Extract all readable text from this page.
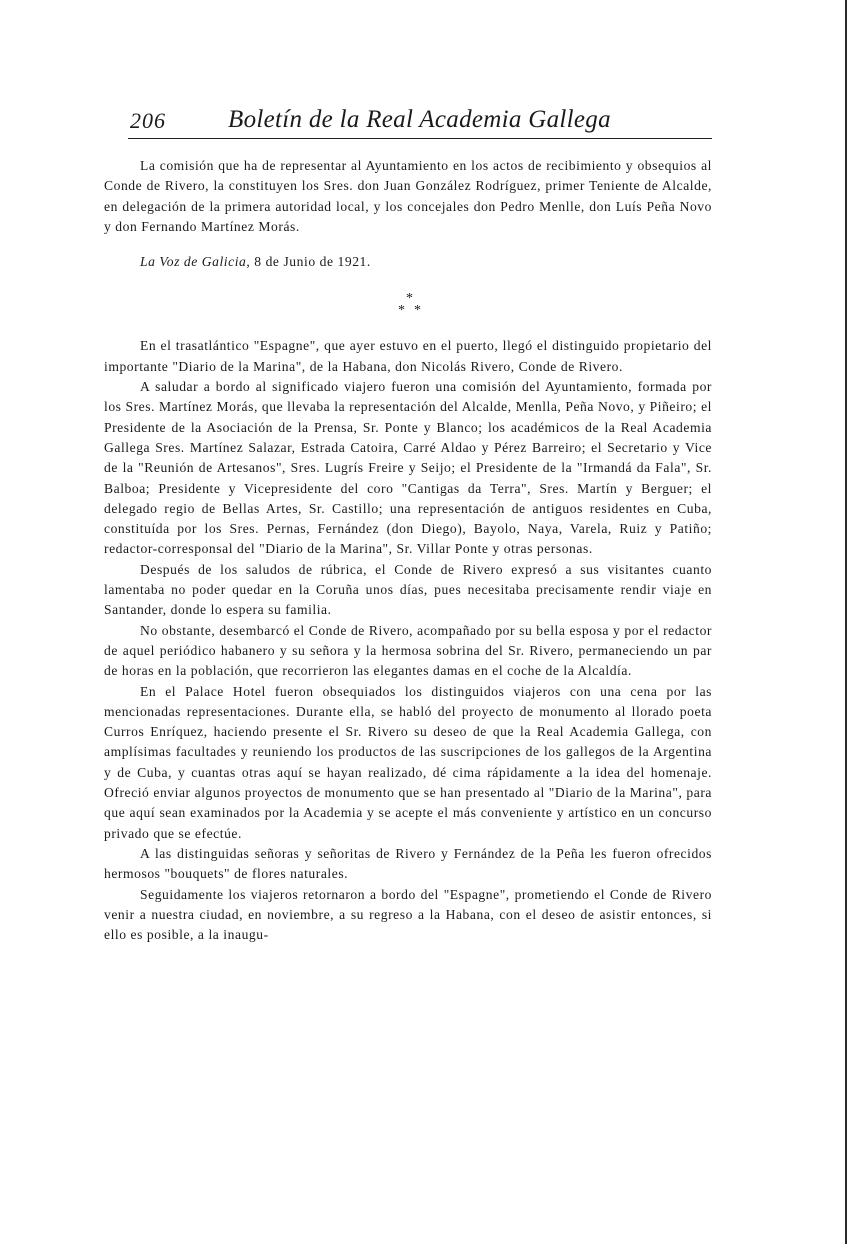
206 Boletín de la Real Academia Gallega

La comisión que ha de representar al Ayuntamiento en los actos de recibimiento y obsequios al Conde de Rivero, la constituyen los Sres. don Juan González Rodríguez, primer Teniente de Alcalde, en delegación de la primera autoridad local, y los concejales don Pedro Menlle, don Luís Peña Novo y don Fernando Martínez Morás.

La Voz de Galicia, 8 de Junio de 1921.

*
* *

En el trasatlántico "Espagne", que ayer estuvo en el puerto, llegó el distinguido propietario del importante "Diario de la Marina", de la Habana, don Nicolás Rivero, Conde de Rivero.

A saludar a bordo al significado viajero fueron una comisión del Ayuntamiento, formada por los Sres. Martínez Morás, que llevaba la representación del Alcalde, Menlla, Peña Novo, y Piñeiro; el Presidente de la Asociación de la Prensa, Sr. Ponte y Blanco; los académicos de la Real Academia Gallega Sres. Martínez Salazar, Estrada Catoira, Carré Aldao y Pérez Barreiro; el Secretario y Vice de la "Reunión de Artesanos", Sres. Lugrís Freire y Seijo; el Presidente de la "Irmandá da Fala", Sr. Balboa; Presidente y Vicepresidente del coro "Cantigas da Terra", Sres. Martín y Berguer; el delegado regio de Bellas Artes, Sr. Castillo; una representación de antiguos residentes en Cuba, constituída por los Sres. Pernas, Fernández (don Diego), Bayolo, Naya, Varela, Ruiz y Patiño; redactor-corresponsal del "Diario de la Marina", Sr. Villar Ponte y otras personas.

Después de los saludos de rúbrica, el Conde de Rivero expresó a sus visitantes cuanto lamentaba no poder quedar en la Coruña unos días, pues necesitaba precisamente rendir viaje en Santander, donde lo espera su familia.

No obstante, desembarcó el Conde de Rivero, acompañado por su bella esposa y por el redactor de aquel periódico habanero y su señora y la hermosa sobrina del Sr. Rivero, permaneciendo un par de horas en la población, que recorrieron las elegantes damas en el coche de la Alcaldía.

En el Palace Hotel fueron obsequiados los distinguidos viajeros con una cena por las mencionadas representaciones. Durante ella, se habló del proyecto de monumento al llorado poeta Curros Enríquez, haciendo presente el Sr. Rivero su deseo de que la Real Academia Gallega, con amplísimas facultades y reuniendo los productos de las suscripciones de los gallegos de la Argentina y de Cuba, y cuantas otras aquí se hayan realizado, dé cima rápidamente a la idea del homenaje. Ofreció enviar algunos proyectos de monumento que se han presentado al "Diario de la Marina", para que aquí sean examinados por la Academia y se acepte el más conveniente y artístico en un concurso privado que se efectúe.

A las distinguidas señoras y señoritas de Rivero y Fernández de la Peña les fueron ofrecidos hermosos "bouquets" de flores naturales.

Seguidamente los viajeros retornaron a bordo del "Espagne", prometiendo el Conde de Rivero venir a nuestra ciudad, en noviembre, a su regreso a la Habana, con el deseo de asistir entonces, si ello es posible, a la inaugu-
